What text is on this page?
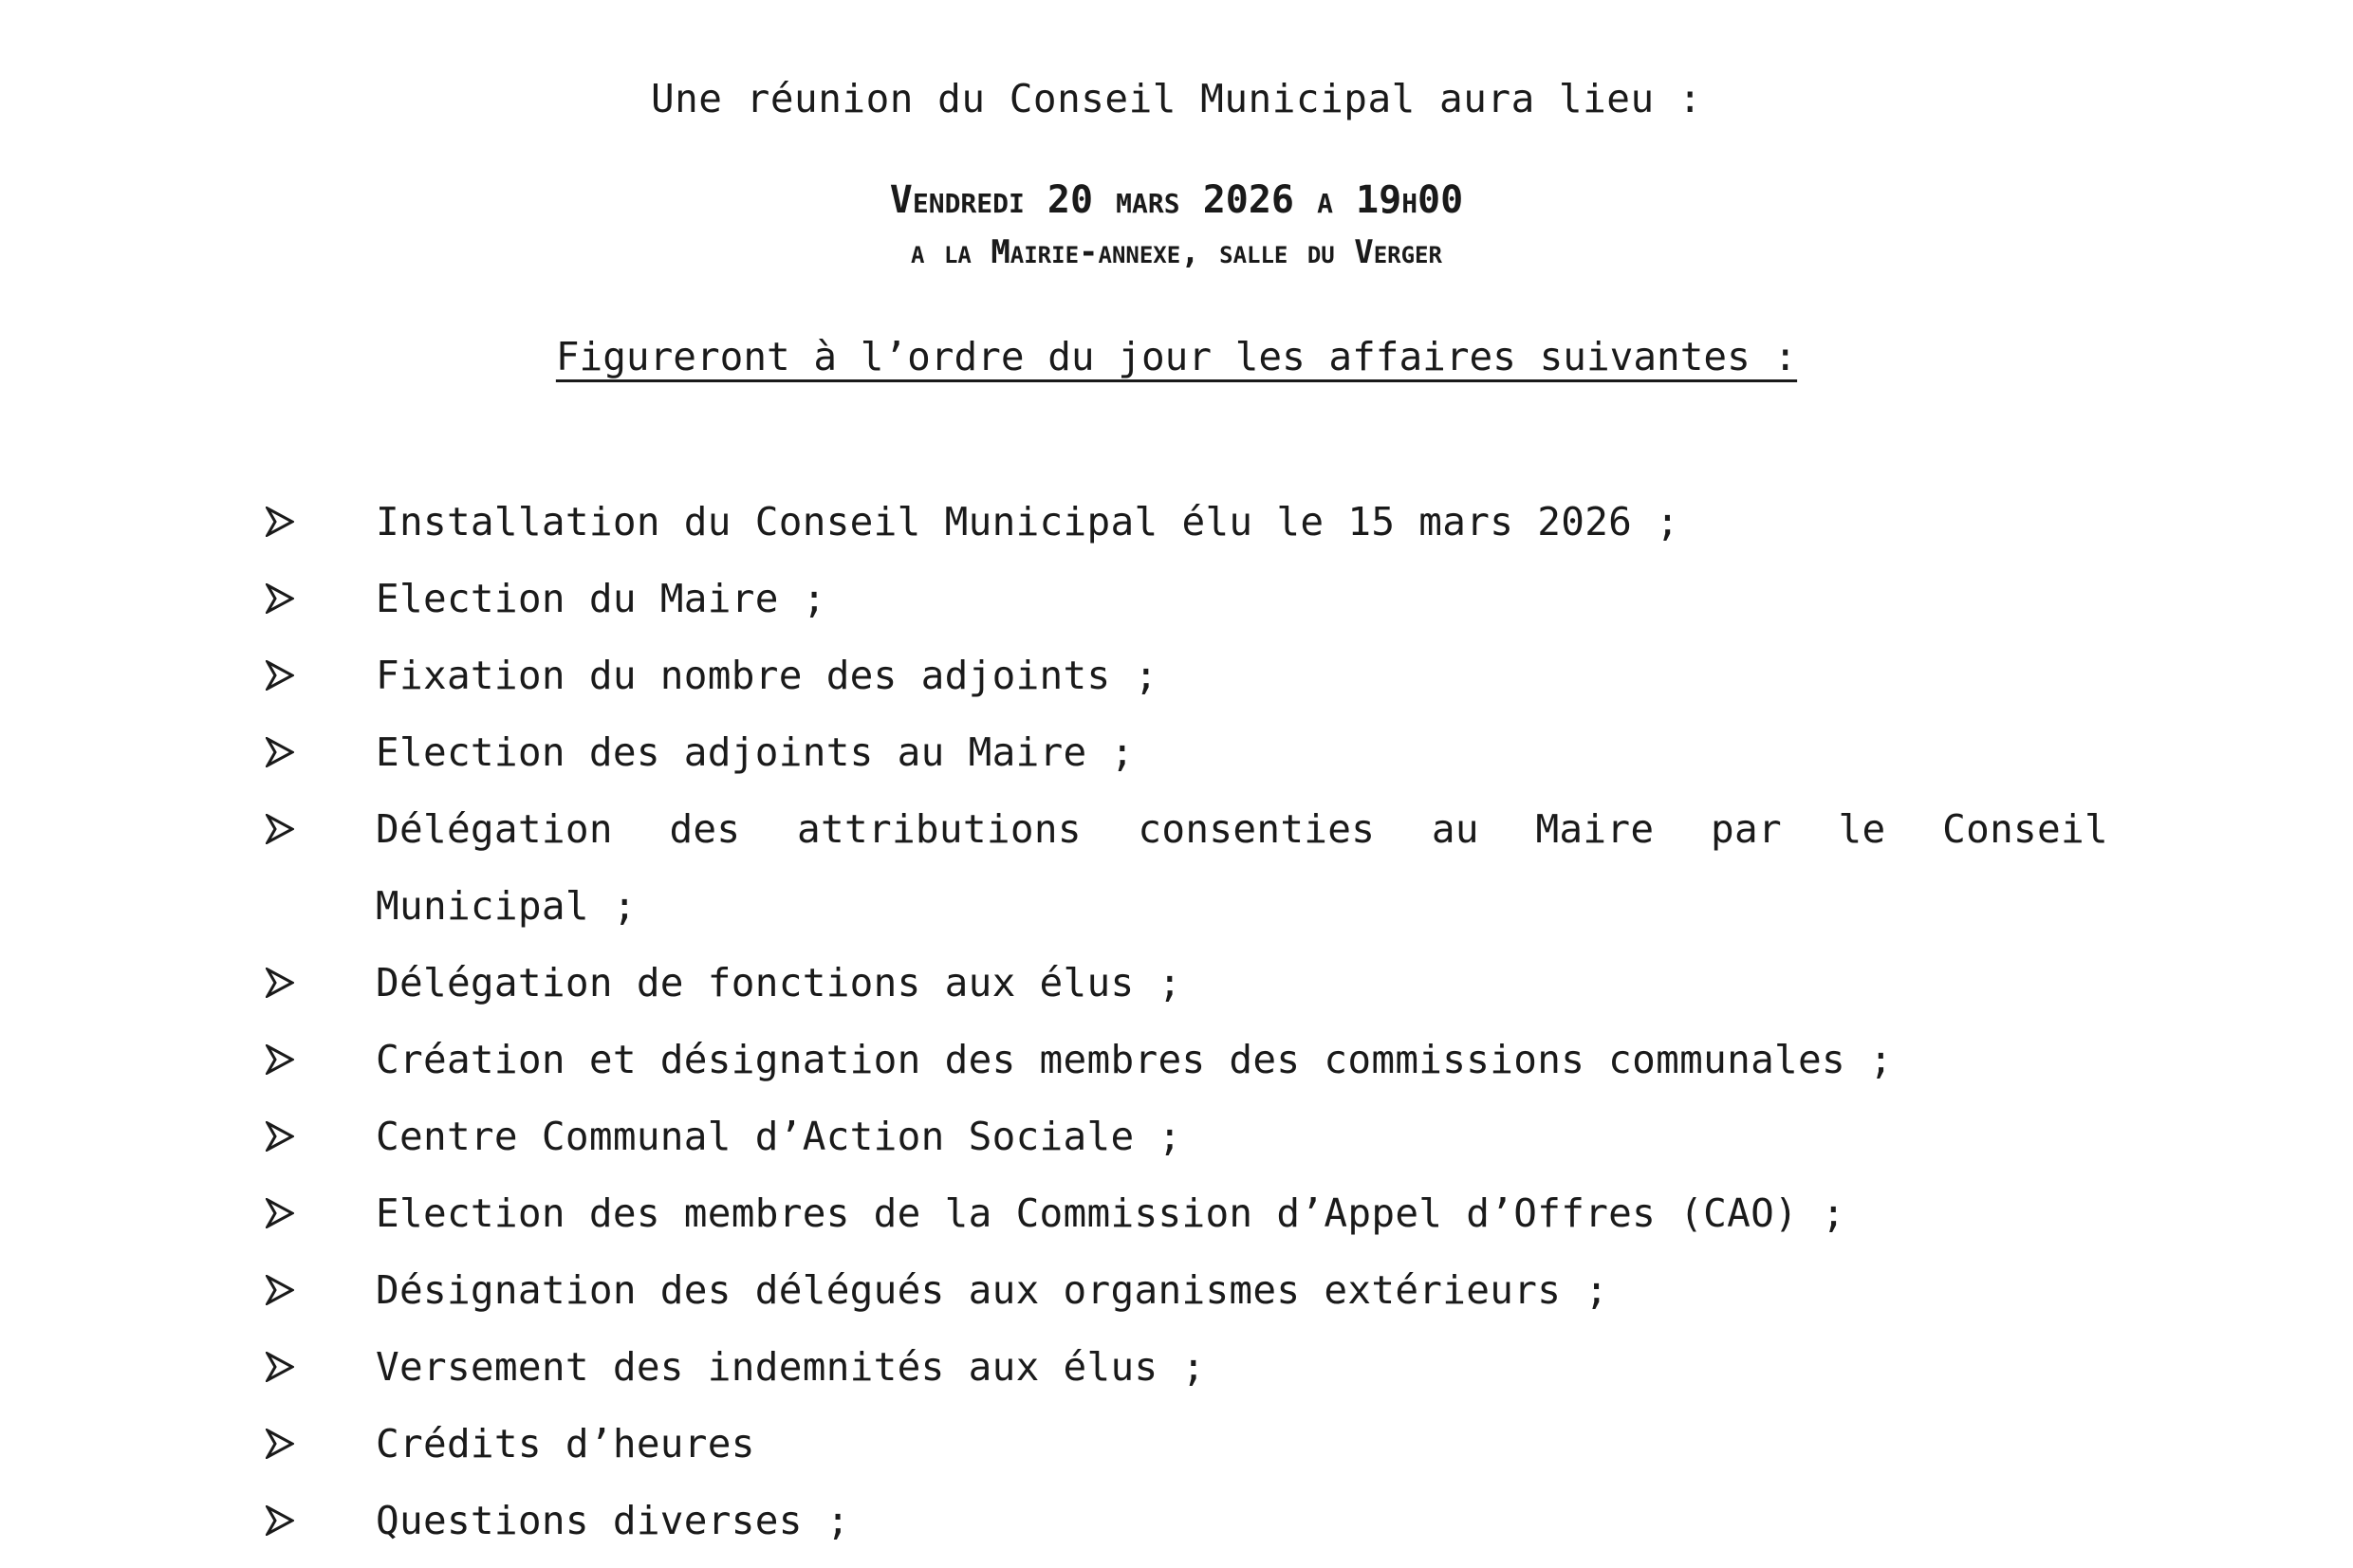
Une réunion du Conseil Municipal aura lieu :
Vendredi 20 mars 2026 a 19h00
a la Mairie-annexe, salle du Verger
Figureront à l’ordre du jour les affaires suivantes :
Installation du Conseil Municipal élu le 15 mars 2026 ;
Election du Maire ;
Fixation du nombre des adjoints ;
Election des adjoints au Maire ;
Délégation des attributions consenties au Maire par le Conseil
Municipal ;
Délégation de fonctions aux élus ;
Création et désignation des membres des commissions communales ;
Centre Communal d’Action Sociale ;
Election des membres de la Commission d’Appel d’Offres (CAO) ;
Désignation des délégués aux organismes extérieurs ;
Versement des indemnités aux élus ;
Crédits d’heures
Questions diverses ;
